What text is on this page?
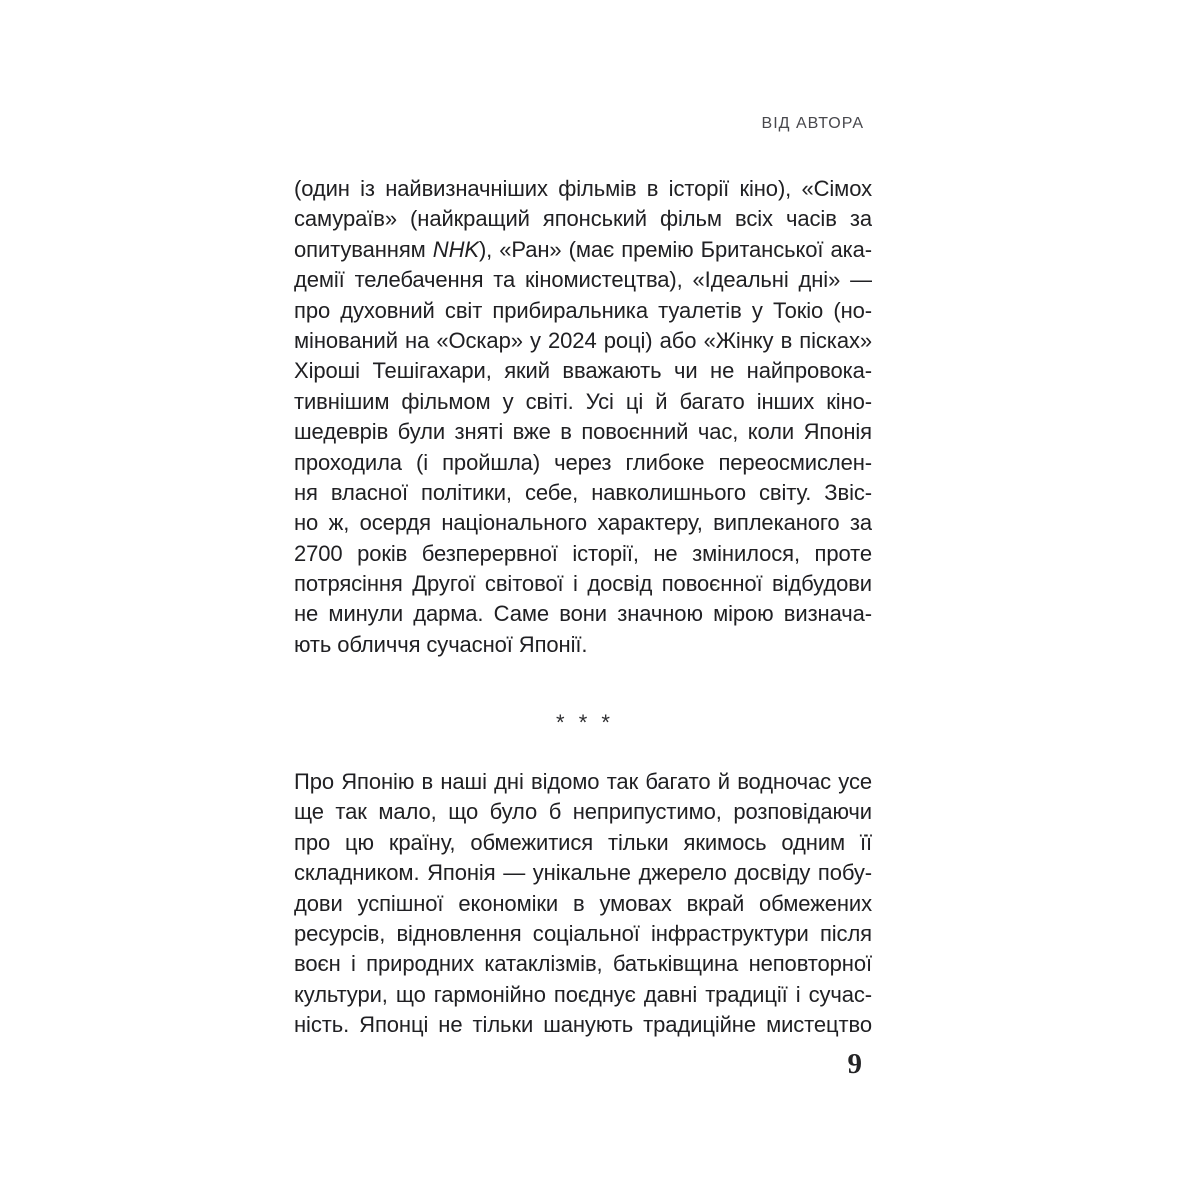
ВІД АВТОРА
(один із найвизначніших фільмів в історії кіно), «Сімох
самураїв» (найкращий японський фільм всіх часів за
опитуванням NHK), «Ран» (має премію Британської ака-
демії телебачення та кіномистецтва), «Ідеальні дні» —
про духовний світ прибиральника туалетів у Токіо (но-
мінований на «Оскар» у 2024 році) або «Жінку в пісках»
Хіроші Тешігахари, який вважають чи не найпровока-
тивнішим фільмом у світі. Усі ці й багато інших кіно-
шедеврів були зняті вже в повоєнний час, коли Японія
проходила (і пройшла) через глибоке переосмислен-
ня власної політики, себе, навколишнього світу. Звіс-
но ж, осердя національного характеру, виплеканого за
2700 років безперервної історії, не змінилося, проте
потрясіння Другої світової і досвід повоєнної відбудови
не минули дарма. Саме вони значною мірою визнача-
ють обличчя сучасної Японії.
* * *
Про Японію в наші дні відомо так багато й водночас усе
ще так мало, що було б неприпустимо, розповідаючи
про цю країну, обмежитися тільки якимось одним її
складником. Японія — унікальне джерело досвіду побу-
дови успішної економіки в умовах вкрай обмежених
ресурсів, відновлення соціальної інфраструктури після
воєн і природних катаклізмів, батьківщина неповторної
культури, що гармонійно поєднує давні традиції і сучас-
ність. Японці не тільки шанують традиційне мистецтво
9
